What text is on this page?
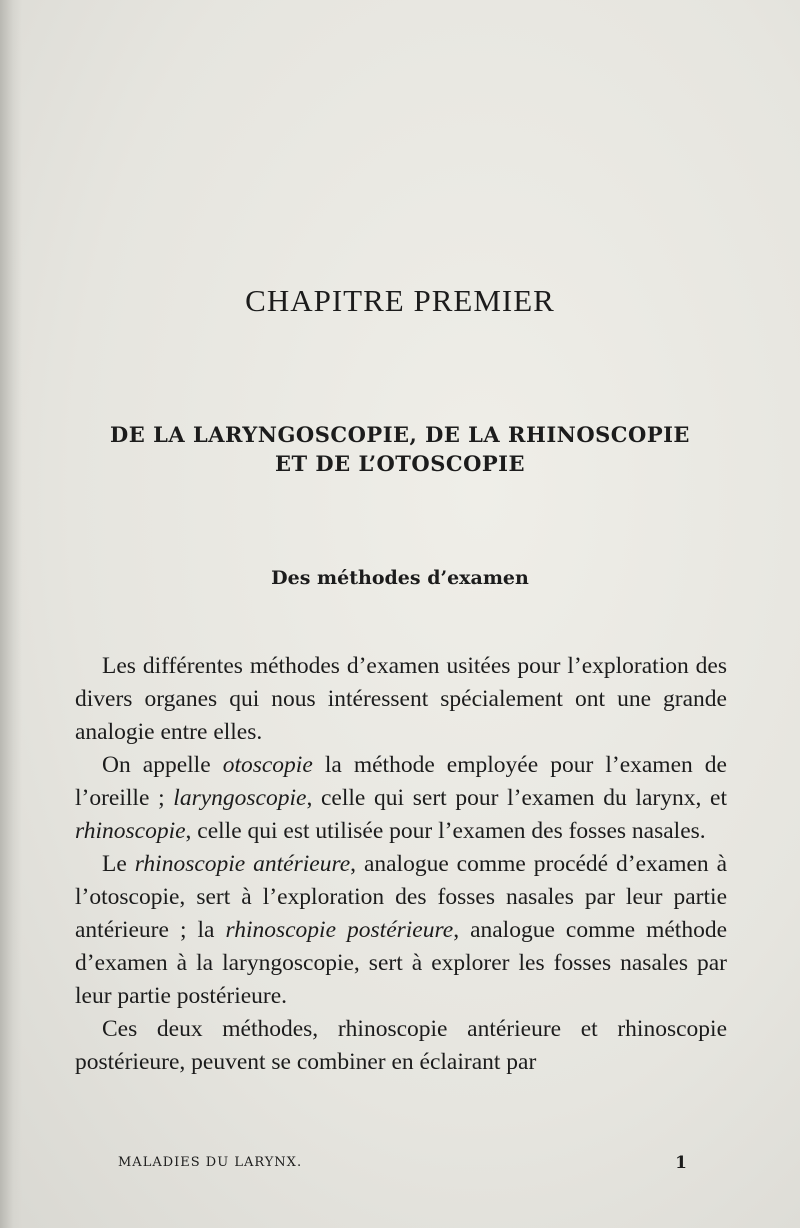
CHAPITRE PREMIER
DE LA LARYNGOSCOPIE, DE LA RHINOSCOPIE
ET DE L’OTOSCOPIE
Des méthodes d’examen

Les différentes méthodes d’examen usitées pour l’exploration des divers organes qui nous intéressent spécialement ont une grande analogie entre elles.

On appelle otoscopie la méthode employée pour l’examen de l’oreille ; laryngoscopie, celle qui sert pour l’examen du larynx, et rhinoscopie, celle qui est utilisée pour l’examen des fosses nasales.

Le rhinoscopie antérieure, analogue comme procédé d’examen à l’otoscopie, sert à l’exploration des fosses nasales par leur partie antérieure ; la rhinoscopie postérieure, analogue comme méthode d’examen à la laryngoscopie, sert à explorer les fosses nasales par leur partie postérieure.

Ces deux méthodes, rhinoscopie antérieure et rhinoscopie postérieure, peuvent se combiner en éclairant par

MALADIES DU LARYNX.	1
